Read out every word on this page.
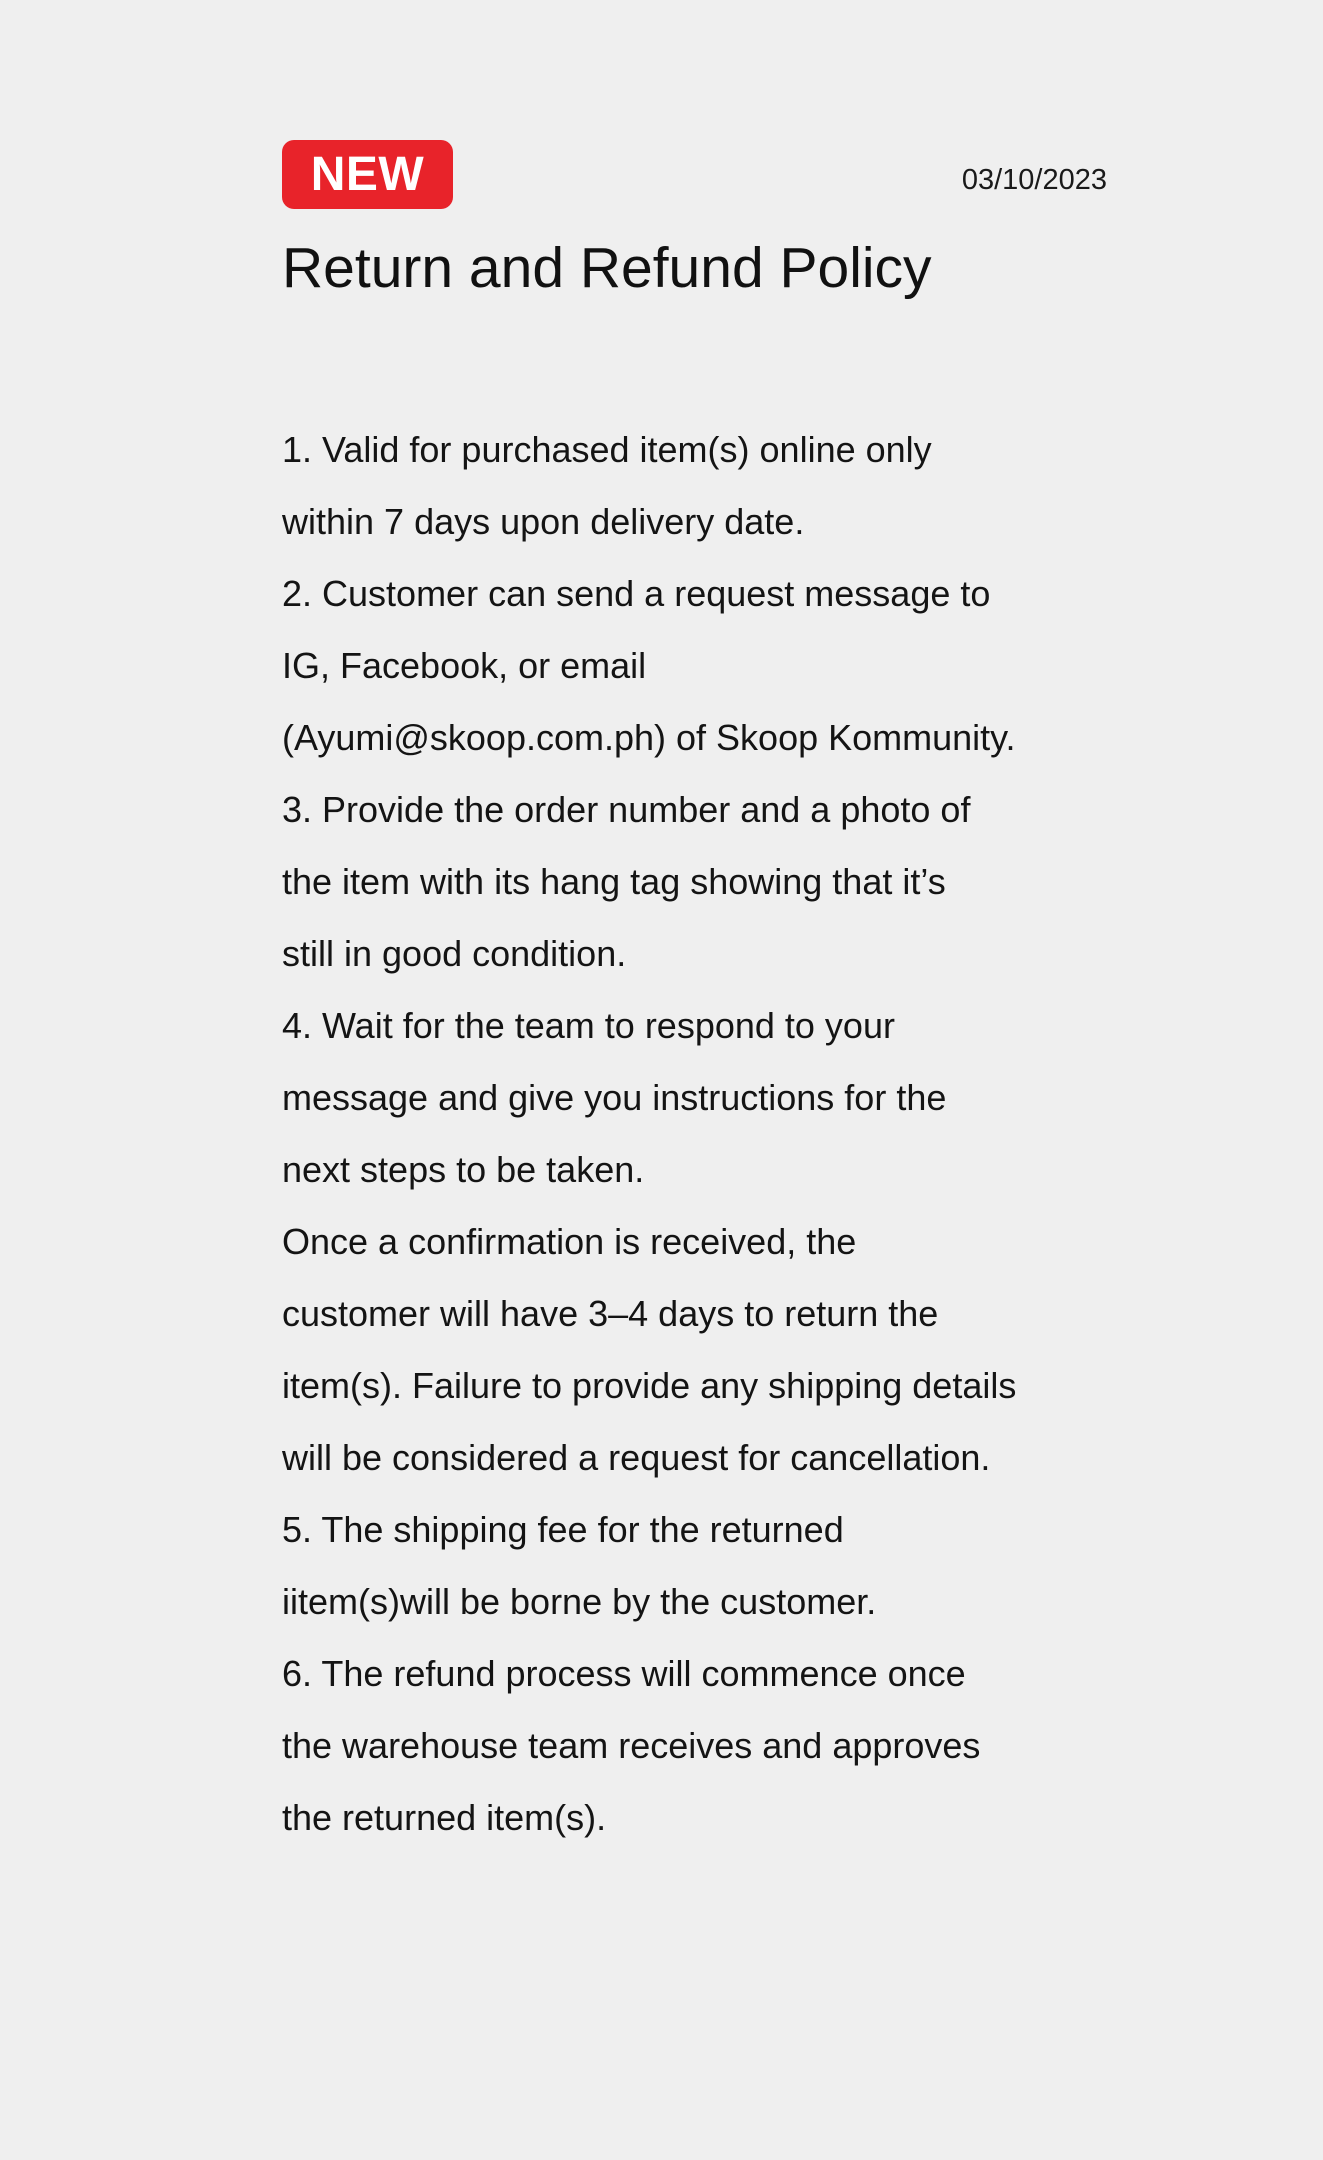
NEW	03/10/2023
Return and Refund Policy
1. Valid for purchased item(s) online only
within 7 days upon delivery date.
2. Customer can send a request message to
IG, Facebook, or email
(Ayumi@skoop.com.ph) of Skoop Kommunity.
3. Provide the order number and a photo of
the item with its hang tag showing that it’s
still in good condition.
4. Wait for the team to respond to your
message and give you instructions for the
next steps to be taken.
Once a confirmation is received, the
customer will have 3–4 days to return the
item(s). Failure to provide any shipping details
will be considered a request for cancellation.
5. The shipping fee for the returned
iitem(s)will be borne by the customer.
6. The refund process will commence once
the warehouse team receives and approves
the returned item(s).
